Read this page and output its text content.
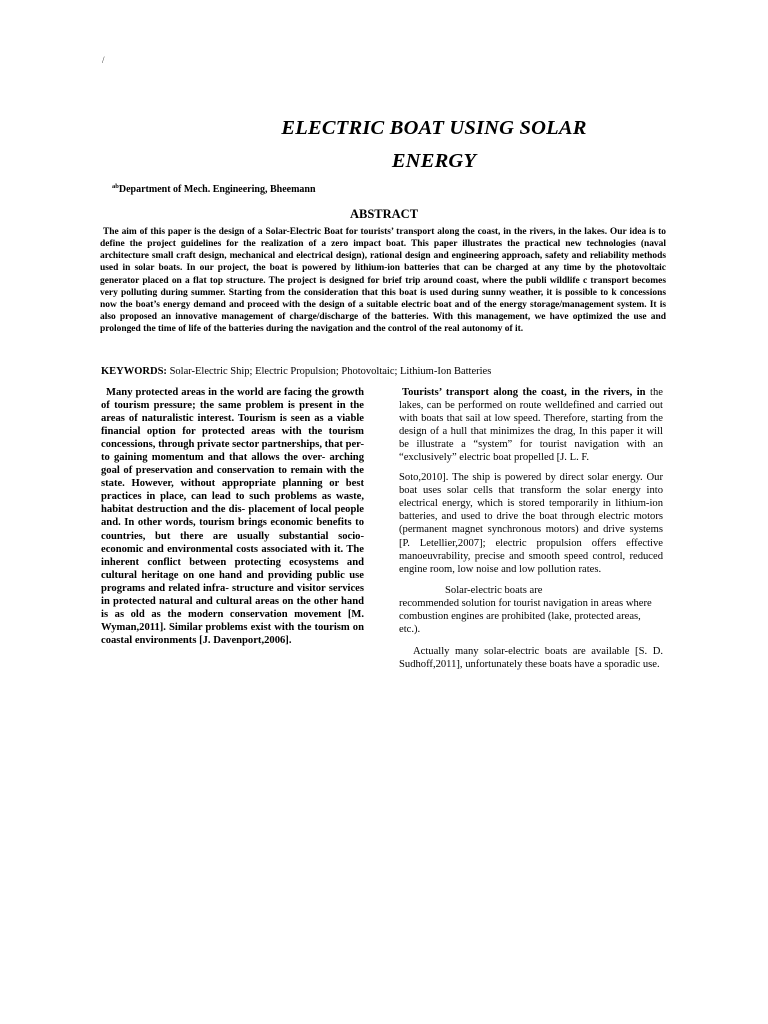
/
ELECTRIC BOAT USING SOLAR
ENERGY
$^{ab}$Department of Mech. Engineering, Bheemann
ABSTRACT
The aim of this paper is the design of a Solar-Electric Boat for tourists’ transport along the coast, in the rivers, in the lakes. Our idea is to define the project guidelines for the realization of a zero impact boat. This paper illustrates the practical new technologies (naval architecture small craft design, mechanical and electrical design), rational design and engineering approach, safety and reliability methods used in solar boats. In our project, the boat is powered by lithium-ion batteries that can be charged at any time by the photovoltaic generator placed on a flat top structure. The project is designed for brief trip around coast, where the publi wildlife c transport becomes very polluting during summer. Starting from the consideration that this boat is used during sunny weather, it is possible to k concessions now the boat’s energy demand and proceed with the design of a suitable electric boat and of the energy storage/management system. It is also proposed an innovative management of charge/discharge of the batteries. With this management, we have optimized the use and prolonged the time of life of the batteries during the navigation and the control of the real autonomy of it.
KEYWORDS: Solar-Electric Ship; Electric Propulsion; Photovoltaic; Lithium-Ion Batteries
Many protected areas in the world are facing the growth of tourism pressure; the same problem is present in the areas of naturalistic interest. Tourism is seen as a viable financial option for protected areas with the tourism concessions, through private sector partnerships, that per- to gaining momentum and that allows the over- arching goal of preservation and conservation to remain with the state. However, without appropriate planning or best practices in place, can lead to such problems as waste, habitat destruction and the dis- placement of local people and. In other words, tourism brings economic benefits to countries, but there are usually substantial socio-economic and environmental costs associated with it. The inherent conflict between protecting ecosystems and cultural heritage on one hand and providing public use programs and related infra- structure and visitor services in protected natural and cultural areas on the other hand is as old as the modern conservation movement [M. Wyman,2011]. Similar problems exist with the tourism on coastal environments [J. Davenport,2006].

Tourists’ transport along the coast, in the rivers, in the lakes, can be performed on route welldefined and carried out with boats that sail at low speed. Therefore, starting from the design of a hull that minimizes the drag, In this paper it will be illustrate a “system” for tourist navigation with an “exclusively” electric boat propelled [J. L. F.

Soto,2010]. The ship is powered by direct solar energy. Our boat uses solar cells that transform the solar energy into electrical energy, which is stored temporarily in lithium-ion batteries, and used to drive the boat through electric motors (permanent magnet synchronous motors) and drive systems [P. Letellier,2007]; electric propulsion offers effective manoeuvrability, precise and smooth speed control, reduced engine room, low noise and low pollution rates.

Solar-electric boats are
recommended solution for tourist navigation in areas where combustion engines are prohibited (lake, protected areas, etc.).

Actually many solar-electric boats are available [S. D. Sudhoff,2011], unfortunately these boats have a sporadic use.
